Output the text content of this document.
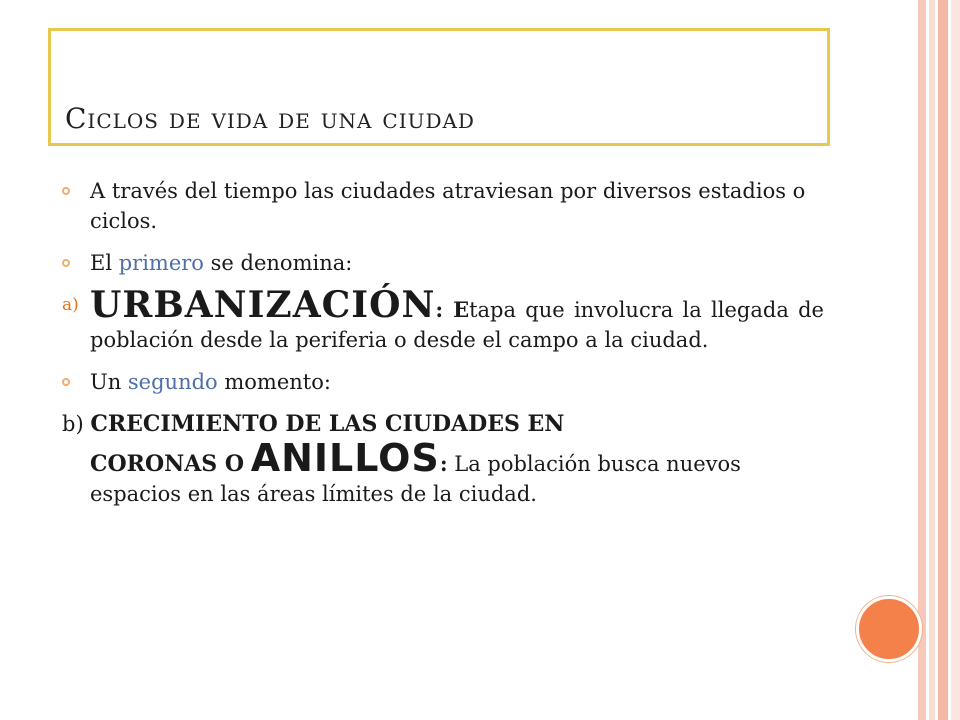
Ciclos de vida de una ciudad
A través del tiempo las ciudades atraviesan por diversos estadios o ciclos.
El primero se denomina:
a) URBANIZACIÓN: Etapa que involucra la llegada de población desde la periferia o desde el campo a la ciudad.
Un segundo momento:
b) CRECIMIENTO DE LAS CIUDADES EN
CORONAS O ANILLOS: La población busca nuevos espacios en las áreas límites de la ciudad.
